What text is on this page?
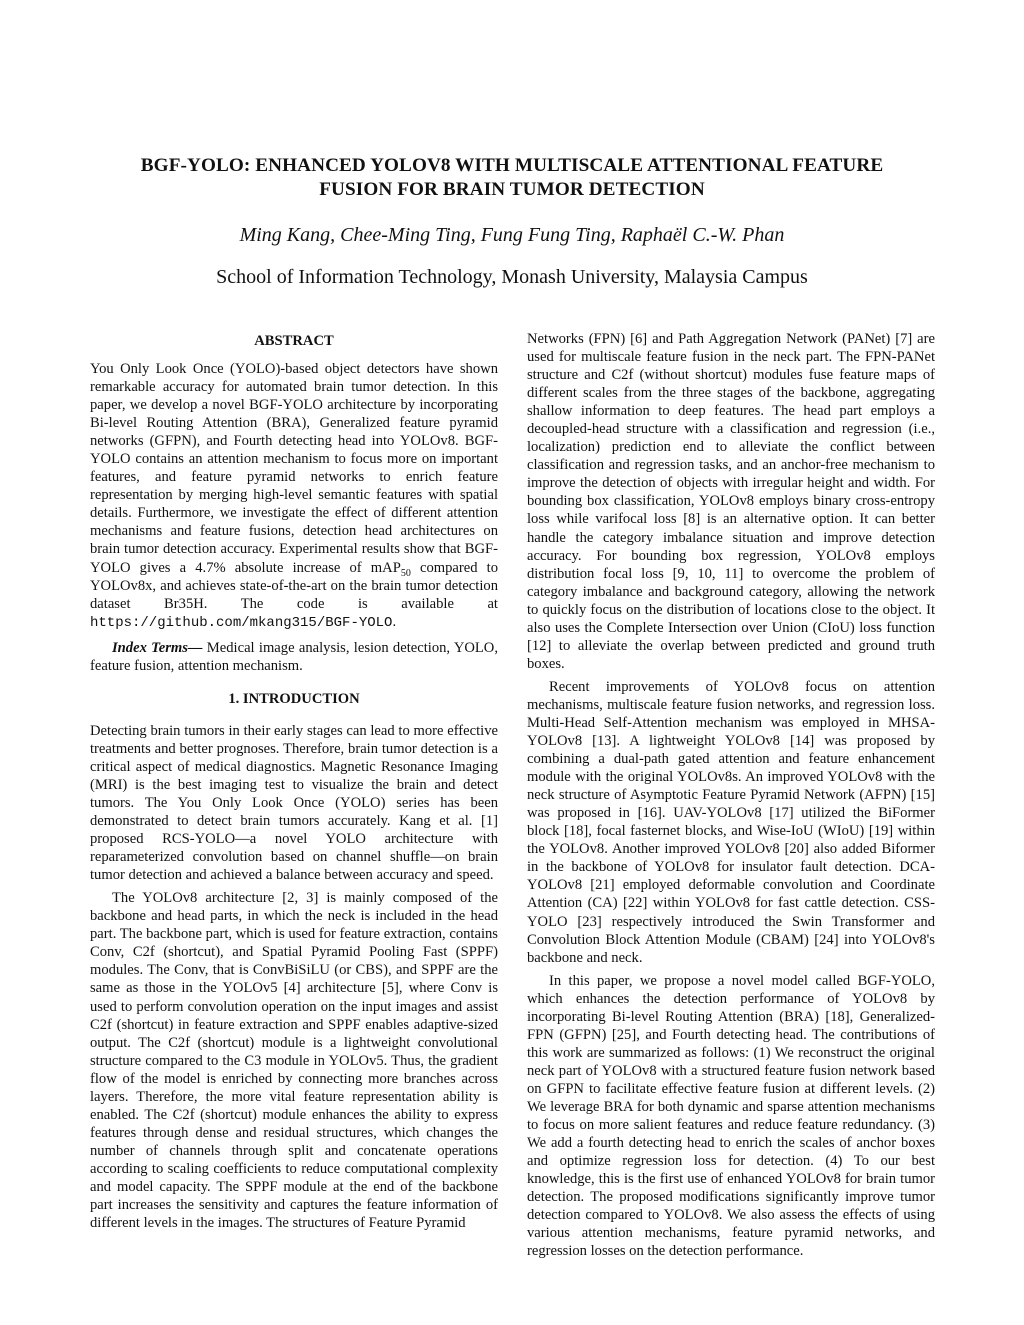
BGF-YOLO: ENHANCED YOLOV8 WITH MULTISCALE ATTENTIONAL FEATURE
FUSION FOR BRAIN TUMOR DETECTION
Ming Kang, Chee-Ming Ting, Fung Fung Ting, Raphaël C.-W. Phan
School of Information Technology, Monash University, Malaysia Campus
ABSTRACT

You Only Look Once (YOLO)-based object detectors have shown remarkable accuracy for automated brain tumor detection. In this paper, we develop a novel BGF-YOLO architecture by incorporating Bi-level Routing Attention (BRA), Generalized feature pyramid networks (GFPN), and Fourth detecting head into YOLOv8. BGF-YOLO contains an attention mechanism to focus more on important features, and feature pyramid networks to enrich feature representation by merging high-level semantic features with spatial details. Furthermore, we investigate the effect of different attention mechanisms and feature fusions, detection head architectures on brain tumor detection accuracy. Experimental results show that BGF-YOLO gives a 4.7% absolute increase of mAP$_{50}$ compared to YOLOv8x, and achieves state-of-the-art on the brain tumor detection dataset Br35H. The code is available at https://github.com/mkang315/BGF-YOLO.

Index Terms— Medical image analysis, lesion detection, YOLO, feature fusion, attention mechanism.

1. INTRODUCTION

Detecting brain tumors in their early stages can lead to more effective treatments and better prognoses. Therefore, brain tumor detection is a critical aspect of medical diagnostics. Magnetic Resonance Imaging (MRI) is the best imaging test to visualize the brain and detect tumors. The You Only Look Once (YOLO) series has been demonstrated to detect brain tumors accurately. Kang et al. [1] proposed RCS-YOLO—a novel YOLO architecture with reparameterized convolution based on channel shuffle—on brain tumor detection and achieved a balance between accuracy and speed.

The YOLOv8 architecture [2, 3] is mainly composed of the backbone and head parts, in which the neck is included in the head part. The backbone part, which is used for feature extraction, contains Conv, C2f (shortcut), and Spatial Pyramid Pooling Fast (SPPF) modules. The Conv, that is ConvBiSiLU (or CBS), and SPPF are the same as those in the YOLOv5 [4] architecture [5], where Conv is used to perform convolution operation on the input images and assist C2f (shortcut) in feature extraction and SPPF enables adaptive-sized output. The C2f (shortcut) module is a lightweight convolutional structure compared to the C3 module in YOLOv5. Thus, the gradient flow of the model is enriched by connecting more branches across layers. Therefore, the more vital feature representation ability is enabled. The C2f (shortcut) module enhances the ability to express features through dense and residual structures, which changes the number of channels through split and concatenate operations according to scaling coefficients to reduce computational complexity and model capacity. The SPPF module at the end of the backbone part increases the sensitivity and captures the feature information of different levels in the images. The structures of Feature Pyramid

Networks (FPN) [6] and Path Aggregation Network (PANet) [7] are used for multiscale feature fusion in the neck part. The FPN-PANet structure and C2f (without shortcut) modules fuse feature maps of different scales from the three stages of the backbone, aggregating shallow information to deep features. The head part employs a decoupled-head structure with a classification and regression (i.e., localization) prediction end to alleviate the conflict between classification and regression tasks, and an anchor-free mechanism to improve the detection of objects with irregular height and width. For bounding box classification, YOLOv8 employs binary cross-entropy loss while varifocal loss [8] is an alternative option. It can better handle the category imbalance situation and improve detection accuracy. For bounding box regression, YOLOv8 employs distribution focal loss [9, 10, 11] to overcome the problem of category imbalance and background category, allowing the network to quickly focus on the distribution of locations close to the object. It also uses the Complete Intersection over Union (CIoU) loss function [12] to alleviate the overlap between predicted and ground truth boxes.

Recent improvements of YOLOv8 focus on attention mechanisms, multiscale feature fusion networks, and regression loss. Multi-Head Self-Attention mechanism was employed in MHSA-YOLOv8 [13]. A lightweight YOLOv8 [14] was proposed by combining a dual-path gated attention and feature enhancement module with the original YOLOv8s. An improved YOLOv8 with the neck structure of Asymptotic Feature Pyramid Network (AFPN) [15] was proposed in [16]. UAV-YOLOv8 [17] utilized the BiFormer block [18], focal fasternet blocks, and Wise-IoU (WIoU) [19] within the YOLOv8. Another improved YOLOv8 [20] also added Biformer in the backbone of YOLOv8 for insulator fault detection. DCA-YOLOv8 [21] employed deformable convolution and Coordinate Attention (CA) [22] within YOLOv8 for fast cattle detection. CSS-YOLO [23] respectively introduced the Swin Transformer and Convolution Block Attention Module (CBAM) [24] into YOLOv8's backbone and neck.

In this paper, we propose a novel model called BGF-YOLO, which enhances the detection performance of YOLOv8 by incorporating Bi-level Routing Attention (BRA) [18], Generalized-FPN (GFPN) [25], and Fourth detecting head. The contributions of this work are summarized as follows: (1) We reconstruct the original neck part of YOLOv8 with a structured feature fusion network based on GFPN to facilitate effective feature fusion at different levels. (2) We leverage BRA for both dynamic and sparse attention mechanisms to focus on more salient features and reduce feature redundancy. (3) We add a fourth detecting head to enrich the scales of anchor boxes and optimize regression loss for detection. (4) To our best knowledge, this is the first use of enhanced YOLOv8 for brain tumor detection. The proposed modifications significantly improve tumor detection compared to YOLOv8. We also assess the effects of using various attention mechanisms, feature pyramid networks, and regression losses on the detection performance.
